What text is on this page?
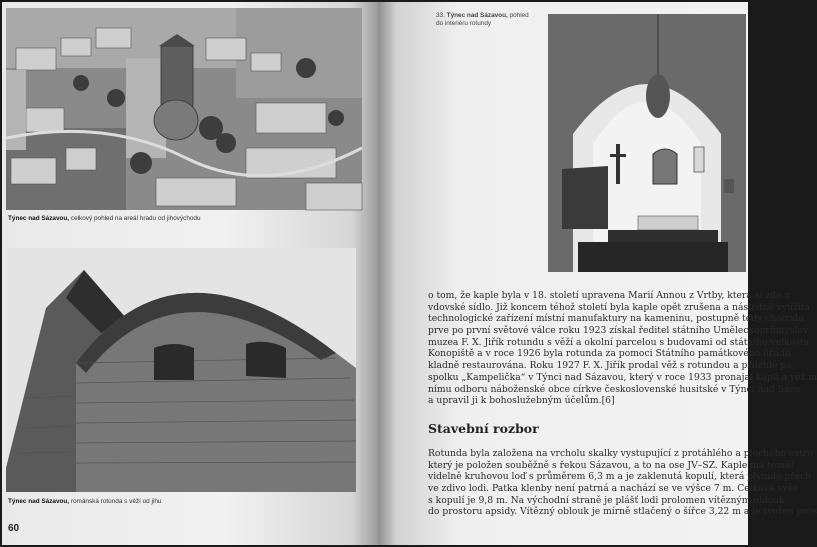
Týnec nad Sázavou, celkový pohled na areál hradu od jihovýchodu
Týnec nad Sázavou, románská rotunda s věží od jihu
60
33. Týnec nad Sázavou, pohled
do interiéru rotundy
o tom, že kaple byla v 18. století upravena Marií Annou z Vrtby, která si zde n
vdovské sídlo. Již koncem téhož století byla kaple opět zrušena a následné využita
technologické zařízení místní manufaktury na kameninu, postupně tedy chátrala.
prve po první světové válce roku 1923 získal ředitel státního Uměleckoprůmyslov
muzea F. X. Jiřík rotundu s věží a okolní parcelou s budovami od státního velkosta
Konopiště a v roce 1926 byla rotunda za pomoci Státního památkového úřadu
kladně restaurována. Roku 1927 F. X. Jiřík prodal věž s rotundou a přilehlé pa
spolku „Kampelička“ v Týnci nad Sázavou, který v roce 1933 pronajal kapli a věž m
nímu odboru náboženské obce církve československé husitské v Týnci nad Sáza
a upravil ji k bohoslužebným účelům.[6]
Stavební rozbor
Rotunda byla založena na vrcholu skalky vystupující z protáhlého a plochého ostro
který je položen souběžně s řekou Sázavou, a to na ose JV–SZ. Kaple má téměř
videlně kruhovou loď s průměrem 6,3 m a je zaklenutá kopulí, která plynule přech
ve zdivo lodi. Patka klenby není patrná a nachází se ve výšce 7 m. Celková výše
s kopulí je 9,8 m. Na východní straně je plášť lodi prolomen vítězným oblouk
do prostoru apsidy. Vítězný oblouk je mírně stlačený o šířce 3,22 m a je tvořen pros
